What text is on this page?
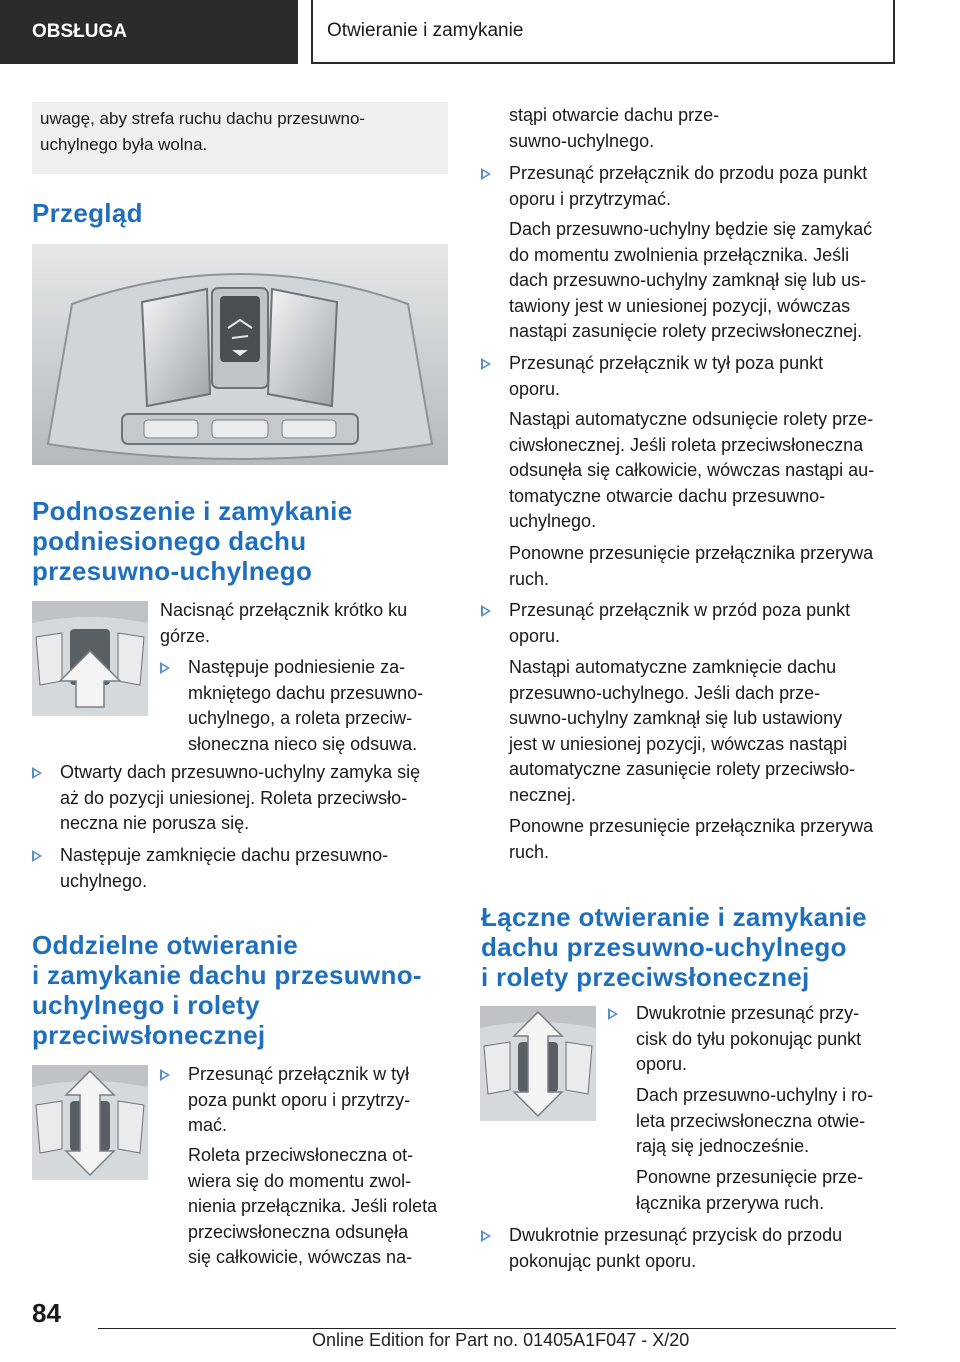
OBSŁUGA	Otwieranie i zamykanie
uwagę, aby strefa ruchu dachu przesuwno-
uchylnego była wolna.
Przegląd
Podnoszenie i zamykanie
podniesionego dachu
przesuwno-uchylnego
Nacisnąć przełącznik krótko ku
górze.
Następuje podniesienie za-
mkniętego dachu przesuwno-
uchylnego, a roleta przeciw-
słoneczna nieco się odsuwa.
Otwarty dach przesuwno-uchylny zamyka się
aż do pozycji uniesionej. Roleta przeciwsło-
neczna nie porusza się.
Następuje zamknięcie dachu przesuwno-
uchylnego.
Oddzielne otwieranie
i zamykanie dachu przesuwno-
uchylnego i rolety
przeciwsłonecznej
Przesunąć przełącznik w tył
poza punkt oporu i przytrzy-
mać.
Roleta przeciwsłoneczna ot-
wiera się do momentu zwol-
nienia przełącznika. Jeśli roleta
przeciwsłoneczna odsunęła
się całkowicie, wówczas na-
stąpi otwarcie dachu prze-
suwno-uchylnego.
Przesunąć przełącznik do przodu poza punkt
oporu i przytrzymać.
Dach przesuwno-uchylny będzie się zamykać
do momentu zwolnienia przełącznika. Jeśli
dach przesuwno-uchylny zamknął się lub us-
tawiony jest w uniesionej pozycji, wówczas
nastąpi zasunięcie rolety przeciwsłonecznej.
Przesunąć przełącznik w tył poza punkt
oporu.
Nastąpi automatyczne odsunięcie rolety prze-
ciwsłonecznej. Jeśli roleta przeciwsłoneczna
odsunęła się całkowicie, wówczas nastąpi au-
tomatyczne otwarcie dachu przesuwno-
uchylnego.
Ponowne przesunięcie przełącznika przerywa
ruch.
Przesunąć przełącznik w przód poza punkt
oporu.
Nastąpi automatyczne zamknięcie dachu
przesuwno-uchylnego. Jeśli dach prze-
suwno-uchylny zamknął się lub ustawiony
jest w uniesionej pozycji, wówczas nastąpi
automatyczne zasunięcie rolety przeciwsło-
necznej.
Ponowne przesunięcie przełącznika przerywa
ruch.
Łączne otwieranie i zamykanie
dachu przesuwno-uchylnego
i rolety przeciwsłonecznej
Dwukrotnie przesunąć przy-
cisk do tyłu pokonując punkt
oporu.
Dach przesuwno-uchylny i ro-
leta przeciwsłoneczna otwie-
rają się jednocześnie.
Ponowne przesunięcie prze-
łącznika przerywa ruch.
Dwukrotnie przesunąć przycisk do przodu
pokonując punkt oporu.
84
Online Edition for Part no. 01405A1F047 - X/20
